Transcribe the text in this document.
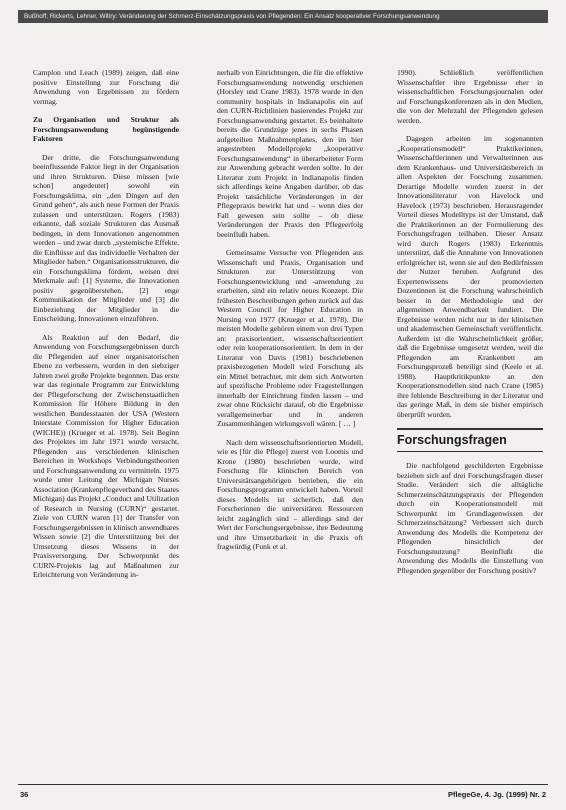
Bußhoff, Rickerts, Lehner, Wiltry: Veränderung der Schmerz-Einschätzungspraxis von Pflegenden: Ein Ansatz kooperativer Forschungsanwendung

Camplon und Leach (1989) zeigen, daß eine positive Einstellung zur Forschung die Anwendung von Ergebnissen zu fördern vermag.

Zu Organisation und Struktur als Forschungsanwendung begünstigende Faktoren

Der dritte, die Forschungsanwendung beeinflussende Faktor liegt in der Organisation und ihren Strukturen. Diese müssen [wie schon] angedeutet] sowohl ein Forschungsklima, ein „den Dingen auf den Grund gehen“, als auch neue Formen der Praxis zulassen und unterstützen. Rogers (1983) erkannte, daß soziale Strukturen das Ausmaß bedingen, in dem Innovationen angenommen werden – und zwar durch „systemische Effekte, die Einflüsse auf das individuelle Verhalten der Mitglieder haben.“ Organisationsstrukturen, die ein Forschungsklima fördern, weisen drei Merkmale auf: [1] Systeme, die Innovationen positiv gegenüberstehen, [2] enge Kommunikation der Mitglieder und [3] die Einbeziehung der Mitglieder in die Entscheidung, Innovationen einzuführen.

Als Reaktion auf den Bedarf, die Anwendung von Forschungsergebnissen durch die Pflegenden auf einer organisatorischen Ebene zu verbessern, wurden in den siebziger Jahren zwei große Projekte begonnen. Das erste war das regionale Programm zur Entwicklung der Pflegeforschung der Zwischenstaatlichen Kommission für Höhere Bildung in den westlichen Bundesstaaten der USA (Western Interstate Commission for Higher Education (WICHE)) (Krueger et al. 1978). Seit Beginn des Projektes im Jahr 1971 wurde versucht, Pflegenden aus verschiedenen klinischen Bereichen in Workshops Verbindungstheorien und Forschungsanwendung zu vermitteln. 1975 wurde unter Leitung der Michigan Nurses Association (Krankenpflegeverband des Staates Michigan) das Projekt „Conduct and Utilization of Research in Nursing (CURN)“ gestartet. Ziele von CURN waren [1] der Transfer von Forschungsergebnissen in klinisch anwendbares Wissen sowie [2] die Unterstützung bei der Umsetzung dieses Wissens in der Praxisversorgung. Der Schwerpunkt des CURN-Projekts lag auf Maßnahmen zur Erleichterung von Veränderung in-

nerhalb von Einrichtungen, die für die effektive Forschungsanwendung notwendig erschienen (Horsley und Crane 1983). 1978 wurde in den community hospitals in Indianapolis ein auf den CURN-Richtlinien basierendes Projekt zur Forschungsanwendung gestartet. Es beinhaltete bereits die Grundzüge jenes in sechs Phasen aufgeteilten Maßnahmenplanes, den im hier angestrebten Modellprojekt „kooperative Forschungsanwendung“ in überarbeiteter Form zur Anwendung gebracht werden sollte. In der Literatur zum Projekt in Indianapolis finden sich allerdings keine Angaben darüber, ob das Projekt tatsächliche Veränderungen in der Pflegepraxis bewirkt hat und – wenn dies der Fall gewesen sein sollte – ob diese Veränderungen der Praxis den Pflegeerfolg beeinflußt haben.

Gemeinsame Versuche von Pflegenden aus Wissenschaft und Praxis, Organisation und Strukturen zur Unterstützung von Forschungsentwicklung und -anwendung zu erarbeiten, sind ein relativ neues Konzept. Die frühesten Beschreibungen gehen zurück auf das Western Council for Higher Education in Nursing von 1977 (Krueger et al. 1978). Die meisten Modelle gehören einem von drei Typen an: praxisorientiert, wissenschaftsorientiert oder rein kooperationsorientiert. In dem in der Literatur von Davis (1981) beschriebenen praxisbezogenen Modell wird Forschung als ein Mittel betrachtet, mit dem sich Antworten auf spezifische Probleme oder Fragestellungen innerhalb der Einrichtung finden lassen – und zwar ohne Rücksicht darauf, ob die Ergebnisse verallgemeinerbar und in anderen Zusammenhängen wirkungsvoll wären. [ … ]

Nach dem wissenschaftsorientierten Modell, wie es [für die Pflege] zuerst von Loomis und Krone (1980) beschrieben wurde, wird Forschung für klinischen Bereich von Universitätsangehörigen betrieben, die ein Forschungsprogramm entwickelt haben. Vorteil dieses Modells ist sicherlich, daß den Forscherinnen die universitären Ressourcen leicht zugänglich sind – allerdings sind der Wert der Forschungsergebnisse, ihre Bedeutung und ihre Umsetzbarkeit in die Praxis oft fragwürdig (Funk et al.

1990). Schließlich veröffentlichen Wissenschaftler ihre Ergebnisse eher in wissenschaftlichen Forschungsjournalen oder auf Forschungskonferenzen als in den Medien, die von der Mehrzahl der Pflegenden gelesen werden.

Dagegen arbeiten im sogenannten „Kooperationsmodell“ Praktikerinnen, Wissenschaftlerinnen und Verwalterinnen aus dem Krankenhaus- und Universitätsbereich in allen Aspekten der Forschung zusammen. Derartige Modelle wurden zuerst in der Innovationsliteratur von Havelock und Havelock (1973) beschrieben. Herausragender Vorteil dieses Modelltyps ist der Umstand, daß die Praktikerinnen an der Formulierung des Forschungsfragen teilhaben. Dieser Ansatz wird durch Rogers (1983) Erkenntnis unterstützt, daß die Annahme von Innovationen erfolgreicher ist, wenn sie auf den Bedürfnissen der Nutzer beruhen. Aufgrund des Expertenwissens der promovierten Dozentinnen ist die Forschung wahrscheinlich besser in der Methodologie und der allgemeinen Anwendbarkeit fundiert. Die Ergebnisse werden nicht nur in der klinischen und akademischen Gemeinschaft veröffentlicht. Außerdem ist die Wahrscheinlichkeit größer, daß die Ergebnisse umgesetzt werden, weil die Pflegenden am Krankenbett am Forschungsprozeß beteiligt sind (Keele et al. 1988). Hauptkritikpunkte an den Kooperationsmodellen sind nach Crane (1985) ihre fehlende Beschreibung in der Literatur und das geringe Maß, in dem sie bisher empirisch überprüft wurden.

Forschungsfragen

Die nachfolgend geschilderten Ergebnisse beziehen sich auf drei Forschungsfragen dieser Studie. Verändert sich die alltägliche Schmerzeinschätzungspraxis der Pflegenden durch ein Kooperationsmodell mit Schwerpunkt im Grundlagenwissen der Schmerzeinschätzung? Verbessert sich durch Anwendung des Modells die Kompetenz der Pflegenden hinsichtlich der Forschungsnutzung? Beeinflußt die Anwendung des Modells die Einstellung von Pflegenden gegenüber der Forschung positiv?

36	PflegeGe, 4. Jg. (1999) Nr. 2
